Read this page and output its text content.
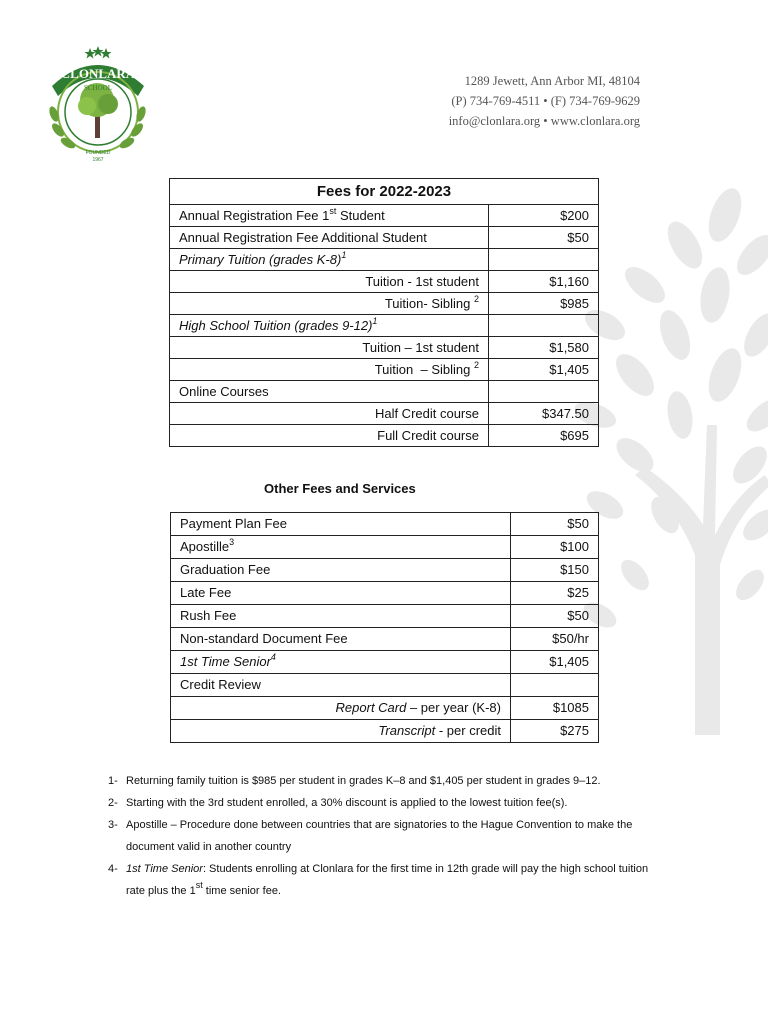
CLONLARA
SCHOOL
FOUNDED
1967
1289 Jewett, Ann Arbor MI, 48104
(P) 734-769-4511 • (F) 734-769-9629
info@clonlara.org • www.clonlara.org
Fees for 2022-2023	
Annual Registration Fee 1st Student	$200
Annual Registration Fee Additional Student	$50
Primary Tuition (grades K-8)$^1$	
Tuition - 1st student	$1,160
Tuition- Sibling $^2$	$985
High School Tuition (grades 9-12)$^1$	
Tuition – 1st student	$1,580
Tuition  – Sibling $^2$	$1,405
Online Courses	
Half Credit course	$347.50
Full Credit course	$695
Other Fees and Services
Payment Plan Fee	$50
Apostille$^3$	$100
Graduation Fee	$150
Late Fee	$25
Rush Fee	$50
Non-standard Document Fee	$50/hr
1st Time Senior$^4$	$1,405
Credit Review	
Report Card – per year (K-8)	$1085
Transcript - per credit	$275
1- Returning family tuition is $985 per student in grades K–8 and $1,405 per student in grades 9–12.
2- Starting with the 3rd student enrolled, a 30% discount is applied to the lowest tuition fee(s).
3- Apostille – Procedure done between countries that are signatories to the Hague Convention to make the document valid in another country
4- 1st Time Senior: Students enrolling at Clonlara for the first time in 12th grade will pay the high school tuition rate plus the 1st time senior fee.
